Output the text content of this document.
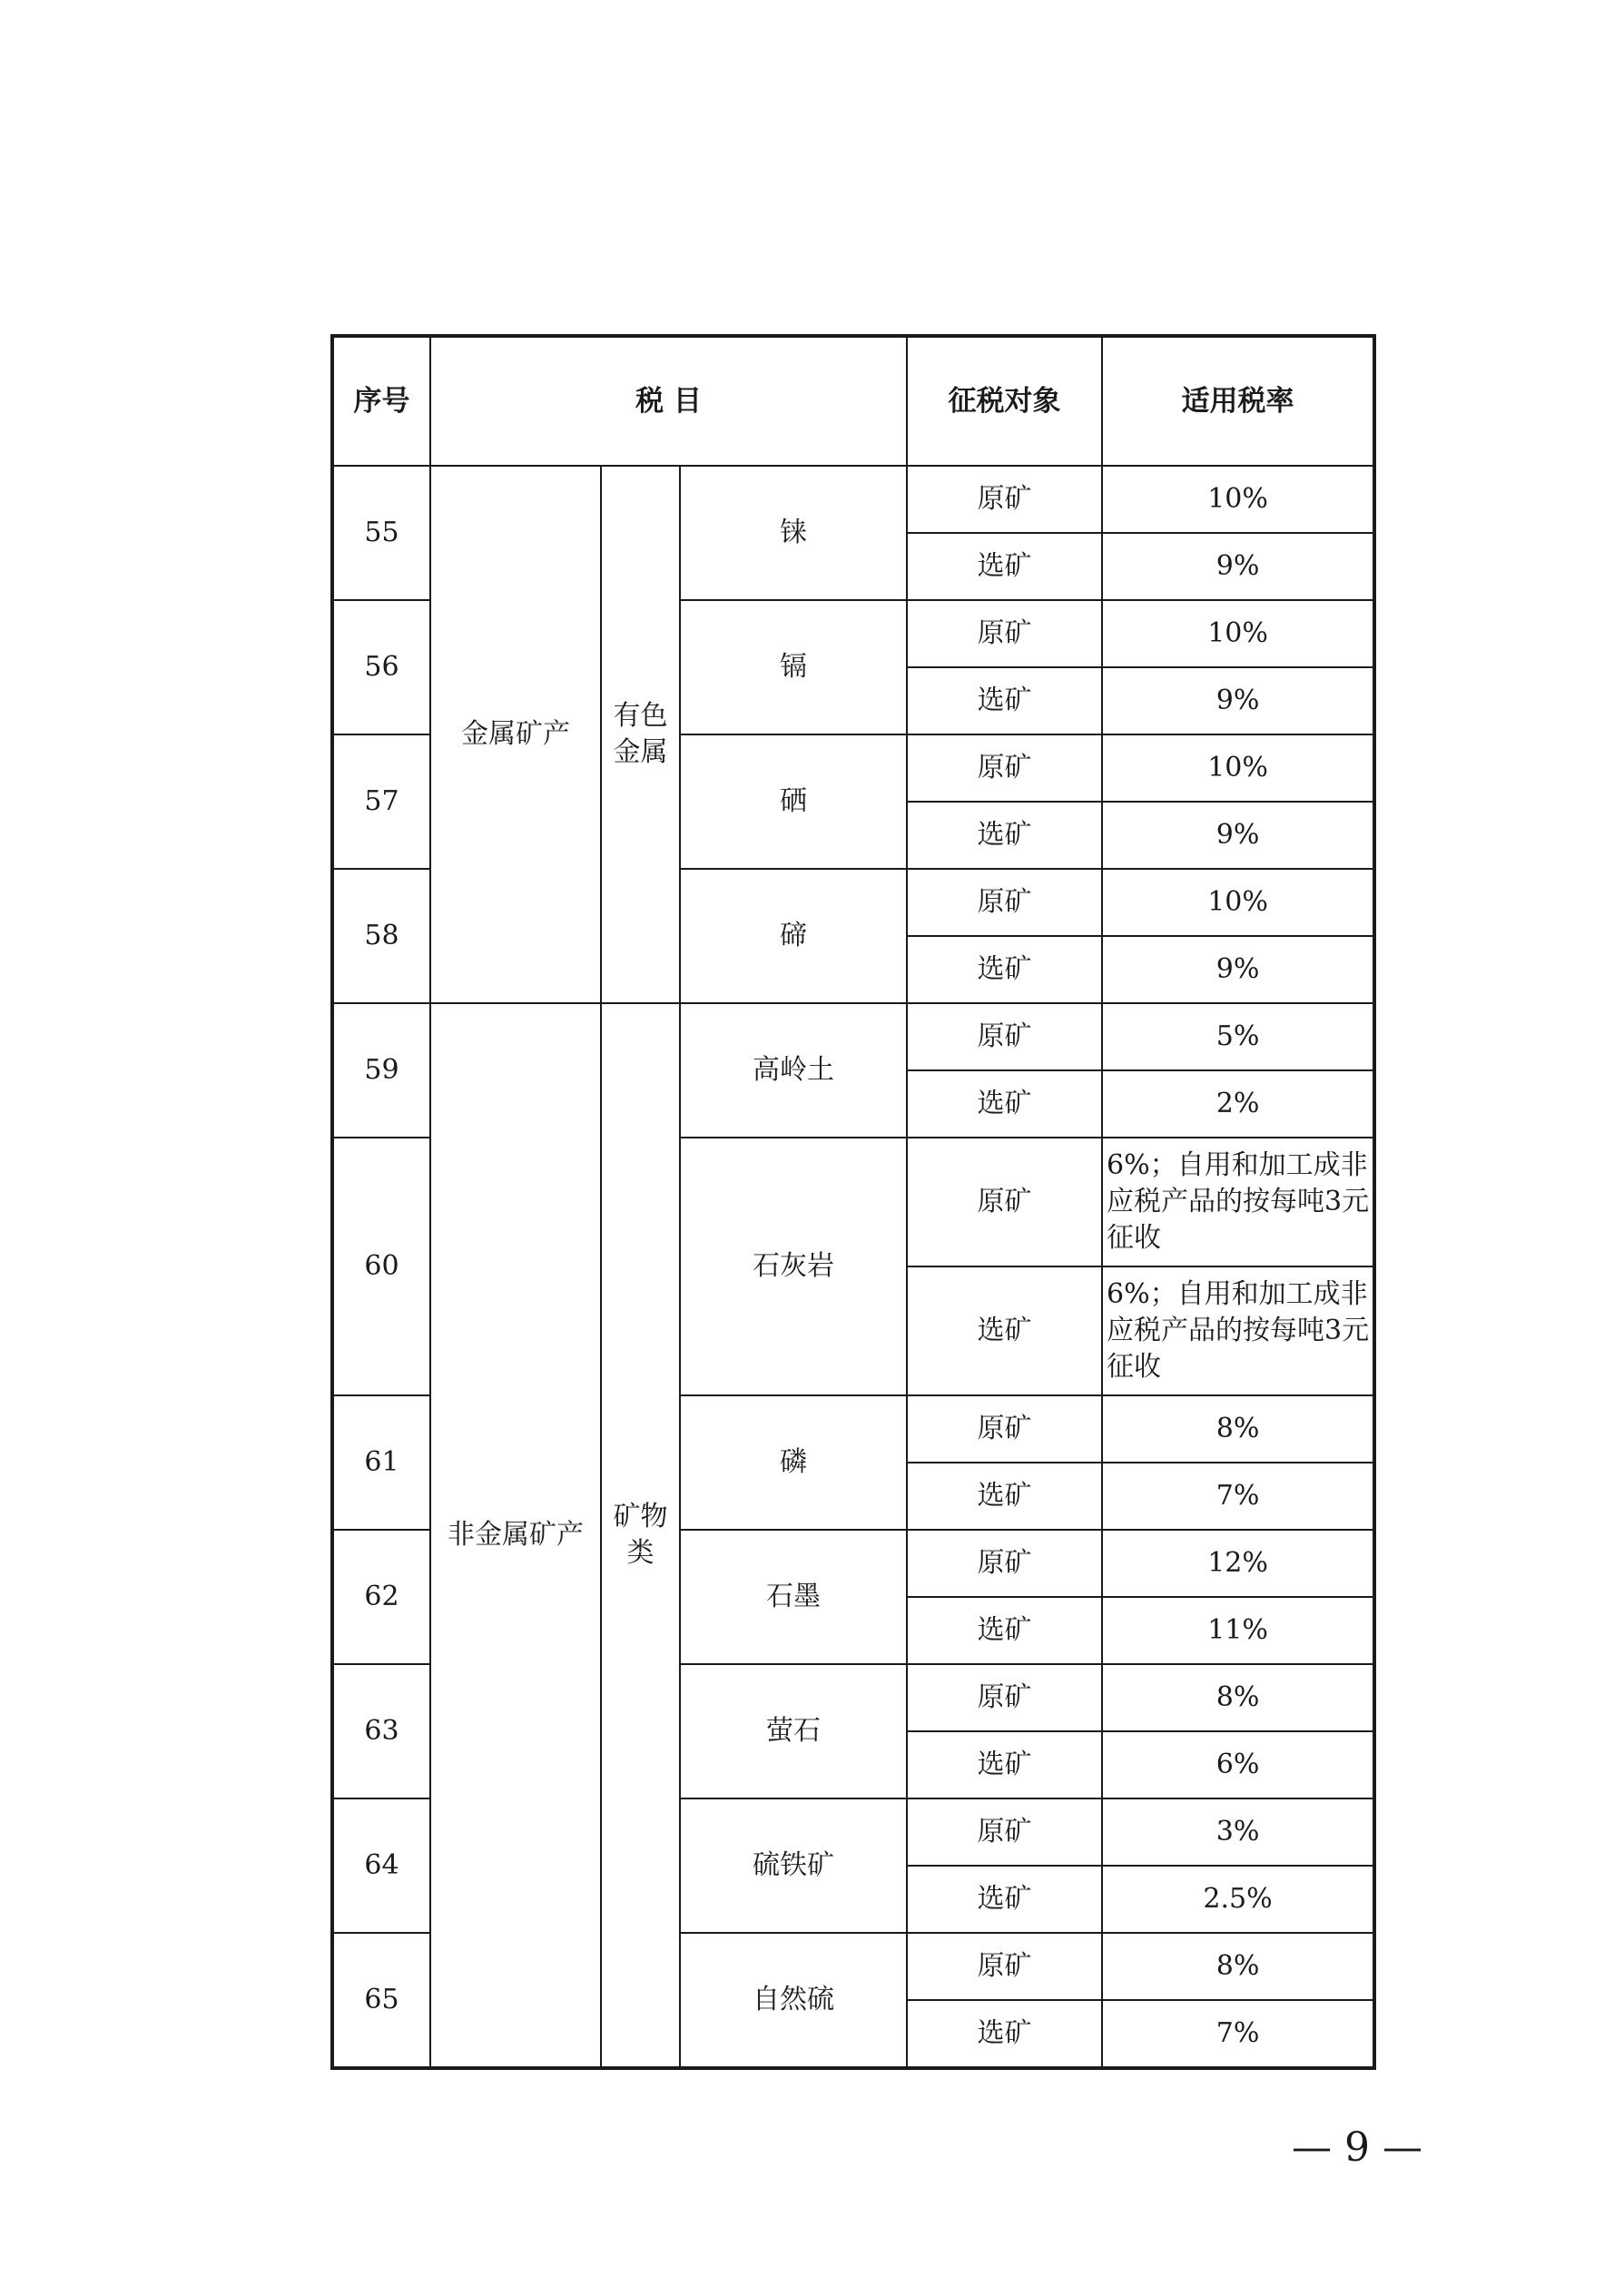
序号	税 目			征税对象	适用税率
55	金属矿产	有色金属	铼	原矿	10%
				选矿	9%
56			镉	原矿	10%
				选矿	9%
57			硒	原矿	10%
				选矿	9%
58			碲	原矿	10%
				选矿	9%
59	非金属矿产	矿物类	高岭土	原矿	5%
				选矿	2%
60			石灰岩	原矿	6%；自用和加工成非应税产品的按每吨3元征收
				选矿	6%；自用和加工成非应税产品的按每吨3元征收
61			磷	原矿	8%
				选矿	7%
62			石墨	原矿	12%
				选矿	11%
63			萤石	原矿	8%
				选矿	6%
64			硫铁矿	原矿	3%
				选矿	2.5%
65			自然硫	原矿	8%
				选矿	7%
— 9 —
